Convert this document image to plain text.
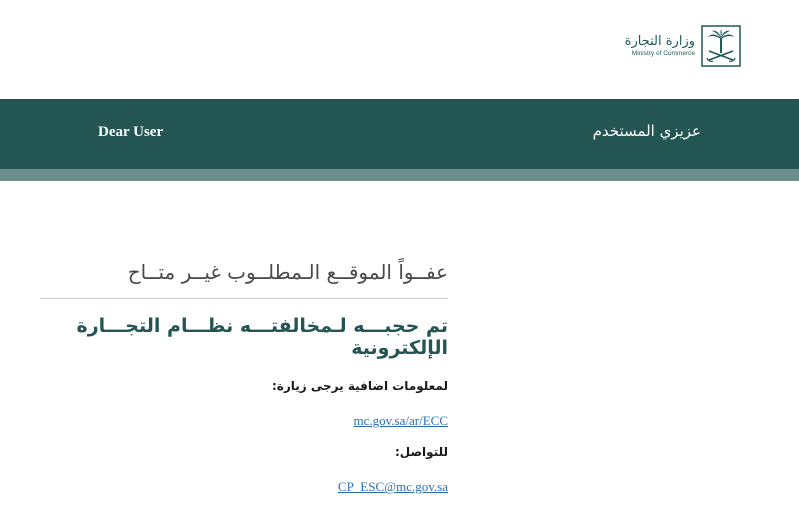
وزارة التجارة
Ministry of Commerce
Dear User	عزيزي المستخدم
عفــواً الموقــع الـمطلــوب غيــر متــاح
تم حجبـــه لـمخالفتـــه نظـــام التجـــارة الإلكترونية
لمعلومات اضافية يرجى زيارة:
mc.gov.sa/ar/ECC
للتواصل:
CP_ESC@mc.gov.sa
